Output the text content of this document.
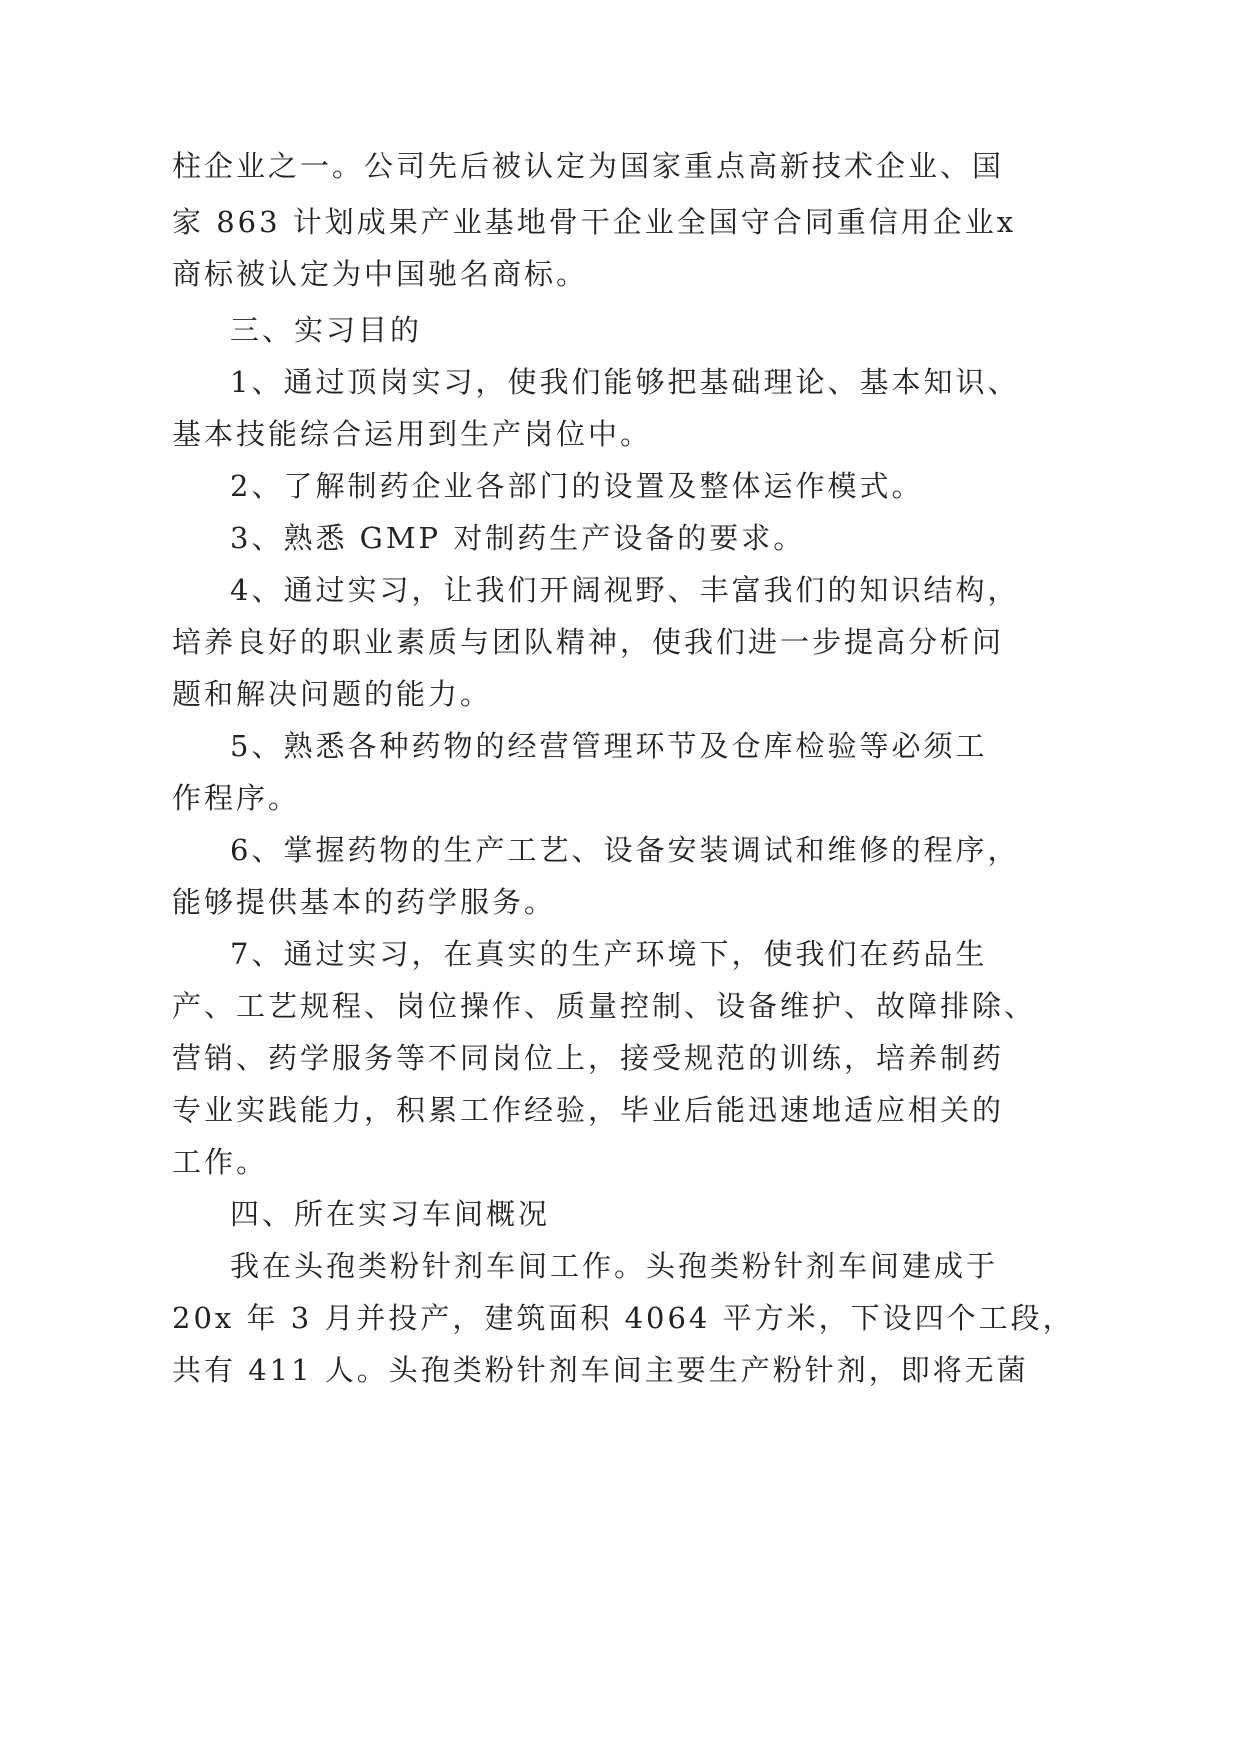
柱企业之一。公司先后被认定为国家重点高新技术企业、国
家 863 计划成果产业基地骨干企业全国守合同重信用企业x
商标被认定为中国驰名商标。
三、实习目的
1、通过顶岗实习，使我们能够把基础理论、基本知识、
基本技能综合运用到生产岗位中。
2、了解制药企业各部门的设置及整体运作模式。
3、熟悉 GMP 对制药生产设备的要求。
4、通过实习，让我们开阔视野、丰富我们的知识结构，
培养良好的职业素质与团队精神，使我们进一步提高分析问
题和解决问题的能力。
5、熟悉各种药物的经营管理环节及仓库检验等必须工
作程序。
6、掌握药物的生产工艺、设备安装调试和维修的程序，
能够提供基本的药学服务。
7、通过实习，在真实的生产环境下，使我们在药品生
产、工艺规程、岗位操作、质量控制、设备维护、故障排除、
营销、药学服务等不同岗位上，接受规范的训练，培养制药
专业实践能力，积累工作经验，毕业后能迅速地适应相关的
工作。
四、所在实习车间概况
我在头孢类粉针剂车间工作。头孢类粉针剂车间建成于
20x 年 3 月并投产，建筑面积 4064 平方米，下设四个工段，
共有 411 人。头孢类粉针剂车间主要生产粉针剂，即将无菌
